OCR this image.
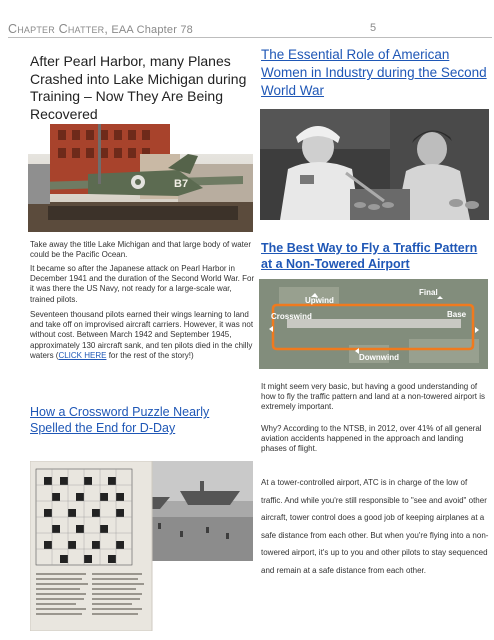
Chapter Chatter, EAA Chapter 78	5
After Pearl Harbor, many Planes Crashed into Lake Michigan during Training – Now They Are Being Recovered
The Essential Role of American Women in Industry during the Second World War
B7

Take away the title Lake Michigan and that large body of water could be the Pacific Ocean.

It became so after the Japanese attack on Pearl Harbor in December 1941 and the duration of the Second World War. For it was there the US Navy, not ready for a large-scale war, trained pilots.

Seventeen thousand pilots earned their wings learning to land and take off on improvised aircraft carriers. However, it was not without cost. Between March 1942 and September 1945, approximately 130 aircraft sank, and ten pilots died in the chilly waters (CLICK HERE for the rest of the story!)

The Best Way to Fly a Traffic Pattern at a Non-Towered Airport
Upwind
Final
Crosswind	Base
Downwind

It might seem very basic, but having a good understanding of how to fly the traffic pattern and land at a non-towered airport is extremely important.

Why? According to the NTSB, in 2012, over 41% of all general aviation accidents happened in the approach and landing phases of flight.

At a tower-controlled airport, ATC is in charge of the low of traffic. And while you're still responsible to "see and avoid" other aircraft, tower control does a good job of keeping airplanes at a safe distance from each other. But when you're flying into a non-towered airport, it's up to you and other pilots to stay sequenced and remain at a safe distance from each other.

How a Crossword Puzzle Nearly Spelled the End for D-Day
